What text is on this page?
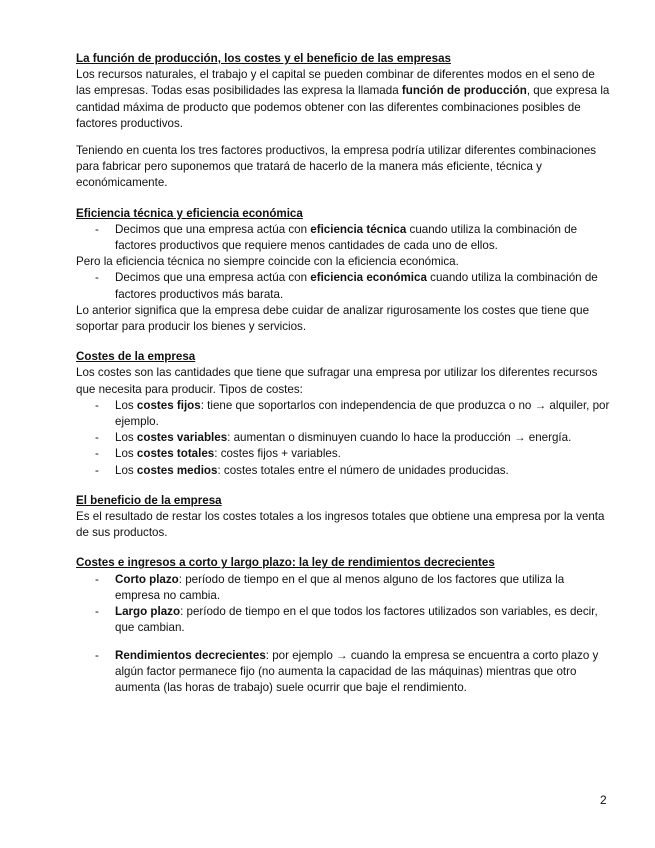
La función de producción, los costes y el beneficio de las empresas

Los recursos naturales, el trabajo y el capital se pueden combinar de diferentes modos en el seno de las empresas. Todas esas posibilidades las expresa la llamada función de producción, que expresa la cantidad máxima de producto que podemos obtener con las diferentes combinaciones posibles de factores productivos.

Teniendo en cuenta los tres factores productivos, la empresa podría utilizar diferentes combinaciones para fabricar pero suponemos que tratará de hacerlo de la manera más eficiente, técnica y económicamente.

Eficiencia técnica y eficiencia económica
- Decimos que una empresa actúa con eficiencia técnica cuando utiliza la combinación de factores productivos que requiere menos cantidades de cada uno de ellos.

Pero la eficiencia técnica no siempre coincide con la eficiencia económica.

- Decimos que una empresa actúa con eficiencia económica cuando utiliza la combinación de factores productivos más barata.

Lo anterior significa que la empresa debe cuidar de analizar rigurosamente los costes que tiene que soportar para producir los bienes y servicios.

Costes de la empresa

Los costes son las cantidades que tiene que sufragar una empresa por utilizar los diferentes recursos que necesita para producir. Tipos de costes:

- Los costes fijos: tiene que soportarlos con independencia de que produzca o no → alquiler, por ejemplo.
- Los costes variables: aumentan o disminuyen cuando lo hace la producción → energía.
- Los costes totales: costes fijos + variables.
- Los costes medios: costes totales entre el número de unidades producidas.
El beneficio de la empresa

Es el resultado de restar los costes totales a los ingresos totales que obtiene una empresa por la venta de sus productos.

Costes e ingresos a corto y largo plazo: la ley de rendimientos decrecientes
- Corto plazo: período de tiempo en el que al menos alguno de los factores que utiliza la empresa no cambia.
- Largo plazo: período de tiempo en el que todos los factores utilizados son variables, es decir, que cambian.
- Rendimientos decrecientes: por ejemplo → cuando la empresa se encuentra a corto plazo y algún factor permanece fijo (no aumenta la capacidad de las máquinas) mientras que otro aumenta (las horas de trabajo) suele ocurrir que baje el rendimiento.
2
